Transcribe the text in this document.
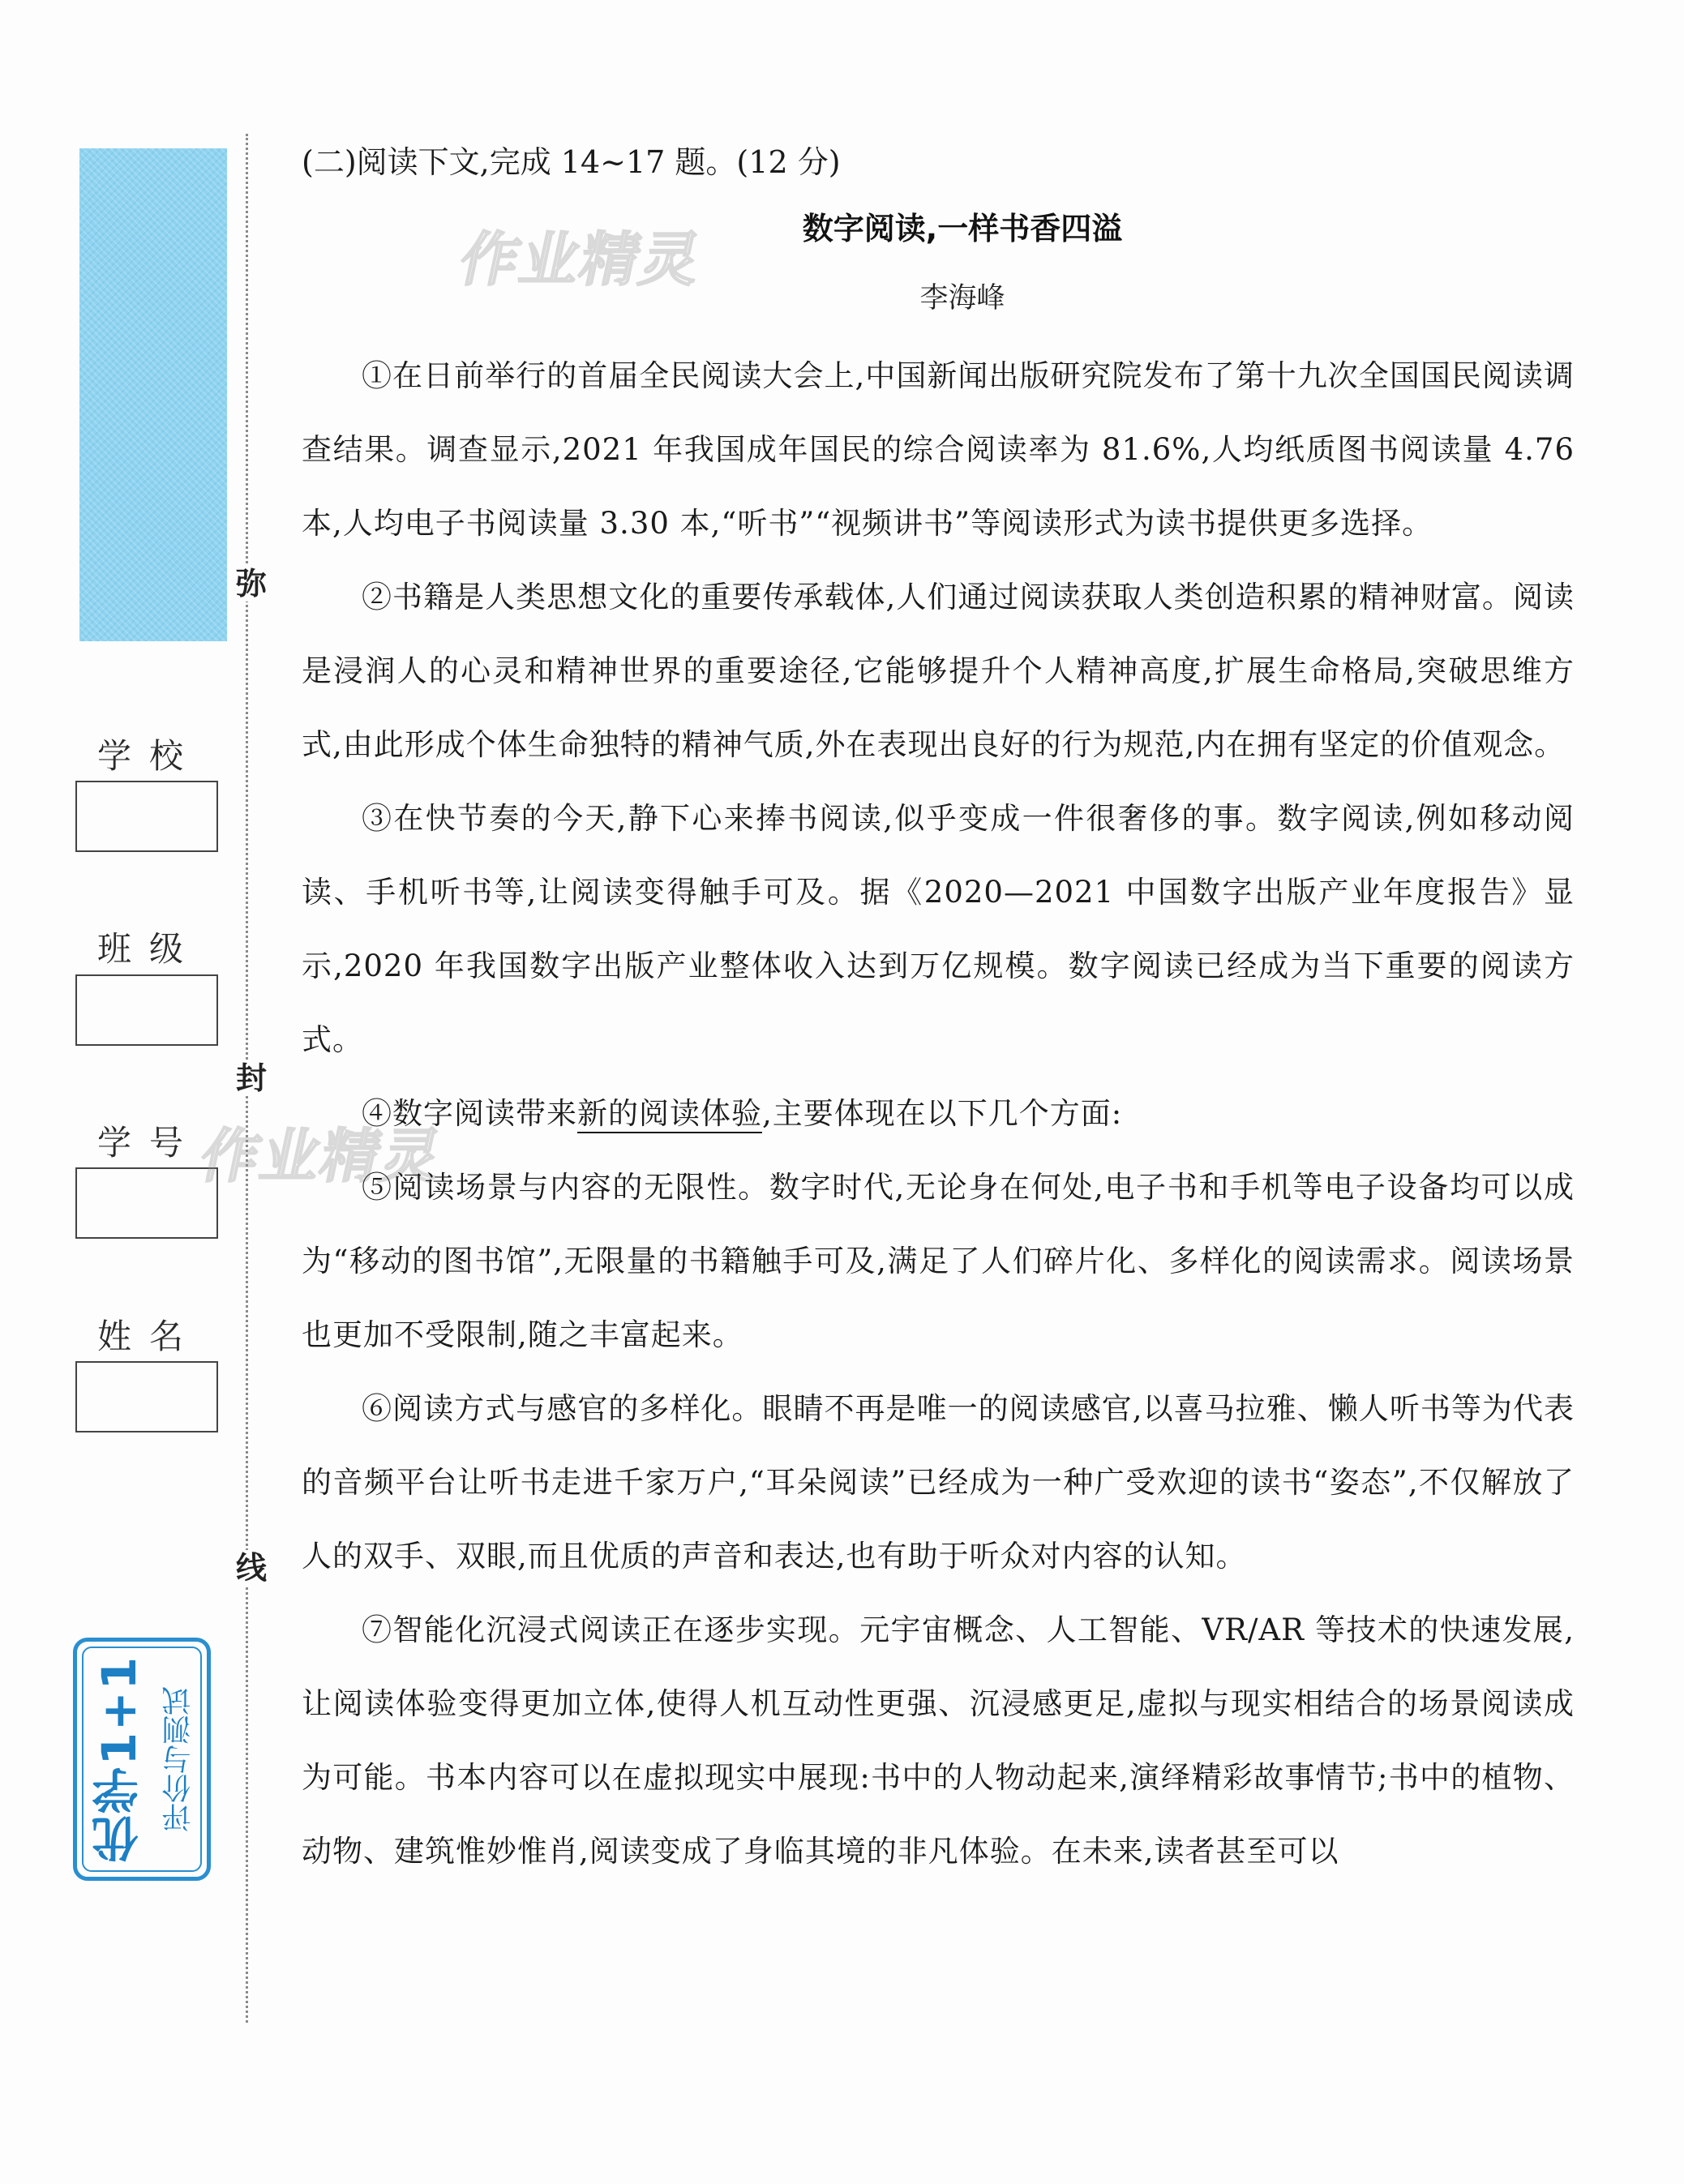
弥
封
线
学校
班级
学号
姓名
优学1+1 评价与测试
作业精灵
作业精灵
(二)阅读下文,完成 14~17 题。(12 分)
数字阅读,一样书香四溢
李海峰

①在日前举行的首届全民阅读大会上,中国新闻出版研究院发布了第十九次全国国民阅读调查结果。调查显示,2021 年我国成年国民的综合阅读率为 81.6%,人均纸质图书阅读量 4.76 本,人均电子书阅读量 3.30 本,“听书”“视频讲书”等阅读形式为读书提供更多选择。

②书籍是人类思想文化的重要传承载体,人们通过阅读获取人类创造积累的精神财富。阅读是浸润人的心灵和精神世界的重要途径,它能够提升个人精神高度,扩展生命格局,突破思维方式,由此形成个体生命独特的精神气质,外在表现出良好的行为规范,内在拥有坚定的价值观念。

③在快节奏的今天,静下心来捧书阅读,似乎变成一件很奢侈的事。数字阅读,例如移动阅读、手机听书等,让阅读变得触手可及。据《2020—2021 中国数字出版产业年度报告》显示,2020 年我国数字出版产业整体收入达到万亿规模。数字阅读已经成为当下重要的阅读方式。

④数字阅读带来新的阅读体验,主要体现在以下几个方面:

⑤阅读场景与内容的无限性。数字时代,无论身在何处,电子书和手机等电子设备均可以成为“移动的图书馆”,无限量的书籍触手可及,满足了人们碎片化、多样化的阅读需求。阅读场景也更加不受限制,随之丰富起来。

⑥阅读方式与感官的多样化。眼睛不再是唯一的阅读感官,以喜马拉雅、懒人听书等为代表的音频平台让听书走进千家万户,“耳朵阅读”已经成为一种广受欢迎的读书“姿态”,不仅解放了人的双手、双眼,而且优质的声音和表达,也有助于听众对内容的认知。

⑦智能化沉浸式阅读正在逐步实现。元宇宙概念、人工智能、VR/AR 等技术的快速发展,让阅读体验变得更加立体,使得人机互动性更强、沉浸感更足,虚拟与现实相结合的场景阅读成为可能。书本内容可以在虚拟现实中展现:书中的人物动起来,演绎精彩故事情节;书中的植物、动物、建筑惟妙惟肖,阅读变成了身临其境的非凡体验。在未来,读者甚至可以
